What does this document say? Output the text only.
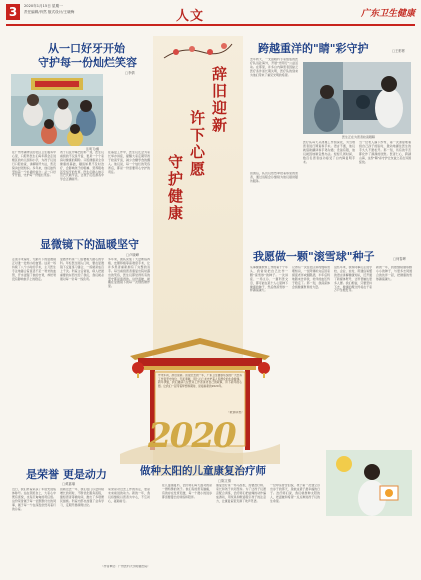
3	2020年1月15日 星期一
责任编辑/肖然 版式设计/王晓梅	人文	广东卫生健康
从一口好牙开始
守护每一份灿烂笑容
□李倩
张明飞/摄
在广州市越秀区的社区卫生服务中心里，口腔科医生们每年都会走进辖区的幼儿园和小学，为孩子们进行口腔检查，讲解刷牙方法，普及窝沟封闭知识。多年来，他们始终坚持着一个朴素的信念：从一口好牙开始，守护每一份灿烂笑容。
孩子们张开嘴巴的那一刻，医生们看到的不仅是牙齿，更是一个个家庭对健康的期盼。口腔健康是全身健康的基础，龋齿如果不及时治疗，会影响孩子的咀嚼、营养吸收甚至恒牙的发育。医生们耐心地示范巴氏刷牙法，让孩子们在游戏中学会正确刷牙。
在基层工作中，医生们还会为家长举办讲座，提醒大家定期带孩子检查牙齿，减少含糖零食的摄入。他们说，每一个灿烂的笑容背后，都是一份需要用心守护的责任。
显微镜下的温暖坚守
□卢晓峰
走进手术室时，无影灯下的显微镜正对准一处细小的血管。这是一场持续了八个小时的手术，主刀医生专注地缝合着直径不足一毫米的血管，汗水浸湿了他的衣背，却丝毫没有影响他手上的稳定。
显微外科是一门需要极大耐心的学科。年轻医生刚入门时，要在显微镜下反复练习缝合，一练就是成百上千次。科室主任常说，病人把最重要的东西交给了我们，我们就必须对每一针每一线负责。
多年来，团队完成了大量断指再植、皮瓣移植等高难度手术，让许多患者重新拥有了完整的双手。每当看到患者康复出院时露出的笑容，医生们都觉得所有的坚守都是值得的。这份温暖，就藏在显微镜下的每一次细致操作里。
是荣誉 更是动力
□黄嘉瑜
近日，我们科室荣获了年度先进集体称号。站在领奖台上，大家心中既有喜悦，也有沉甸甸的责任感。这份荣誉属于每一位默默付出的同事，属于每一个在深夜依然亮着灯的诊室。
回顾过去一年，我们在门诊量持续增长的同时，不断优化服务流程，缩短患者等候时间，推出了多项便民措施。科室内部也加强了业务学习，定期开展病例讨论。
荣誉是对过去工作的肯定，更是未来前进的动力。新的一年，我们将继续以患者为中心，不忘初心，砥砺前行。
（作者单位：广州医科大学附属医院）
辞旧迎新
许下心愿
守护健康
岁末年初，辞旧迎新。回望过去的一年，广东卫生健康系统的广大医务工作者坚守岗位、无私奉献，用仁心仁术守护着人民群众的生命健康。新年伊始，我们邀请几位医务工作者讲述自己的故事，许下新年的心愿。让我们一起带着梦想和期待，迎接崭新的2020年。
（策划/肖然）
2020
跨越重洋的"睛"彩守护	□王彬彬
去年秋天，一支由眼科专家组成的医疗队远赴海外，开展"光明行"公益活动。在那里，许多白内障患者因缺乏医疗条件而长期失明，医疗队的到来为他们带来了重见光明的希望。
医生正在为患者检查眼睛
医疗队每天从清晨工作到深夜，为当地患者进行筛查和手术。语言不通，他们就借助翻译和手势沟通；设备有限，他们就因地制宜想办法。短短几周时间，数百名患者成功接受了白内障复明手术。
当一位老人摘下纱布，第一次清楚地看到自己孙子的脸时，激动地握住医生的手久久不愿松开。那一刻，所有的辛苦都化作了满满的欣慰。医者仁心，跨越山海，这份"睛"彩守护让友谊之花在异国绽放。
回国后，队员们依然牵挂着那里的患者，通过远程会诊继续为他们提供随访服务。
我愿做一颗"滚雪球"种子	□何春晖
从事健康教育工作的第十个年头，我常常把自己比作一颗"滚雪球"的种子。一次讲座、一场义诊、一篇科普文章，都可能在某个人心里种下健康的种子，然后像滚雪球一样越滚越大。
记得有一次在社区讲授慢病管理知识，一位阿姨听完后回家督促老伴戒烟限酒，半年后特地跑来告诉我，老伴的血压终于稳定了。那一刻，我深深体会到健康教育的力量。
这些年来，我和同事们走进学校、企业、农村，用通俗易懂的语言讲解健康知识，还开通了新媒体账号，让科普触达更多人群。我们相信，只要坚持下去，健康的理念终将在千家万户生根发芽。
新的一年，我愿继续做那颗小小的种子，与更多志同道合的伙伴一起，把健康的雪球越滚越大。
做种太阳的儿童康复治疗师
□陈文倩
在儿童康复科，治疗师们每天面对的是一群特殊的孩子。他们有的患有脑瘫，有的存在发育迟缓，每一个微小的进步都需要漫长的训练和陪伴。
康复治疗是一场马拉松，需要治疗师、家长和孩子共同坚持。为了让孩子们愿意配合训练，治疗师们把枯燥的动作编成游戏，用玩具和歌谣吸引孩子的注意力，让康复室里充满了欢声笑语。
一位母亲曾含泪说，孩子第一次独立迈出步子的那天，是她这辈子最幸福的日子。治疗师们说，我们就像种太阳的人，把温暖和希望一点点种进孩子们的生命里。
